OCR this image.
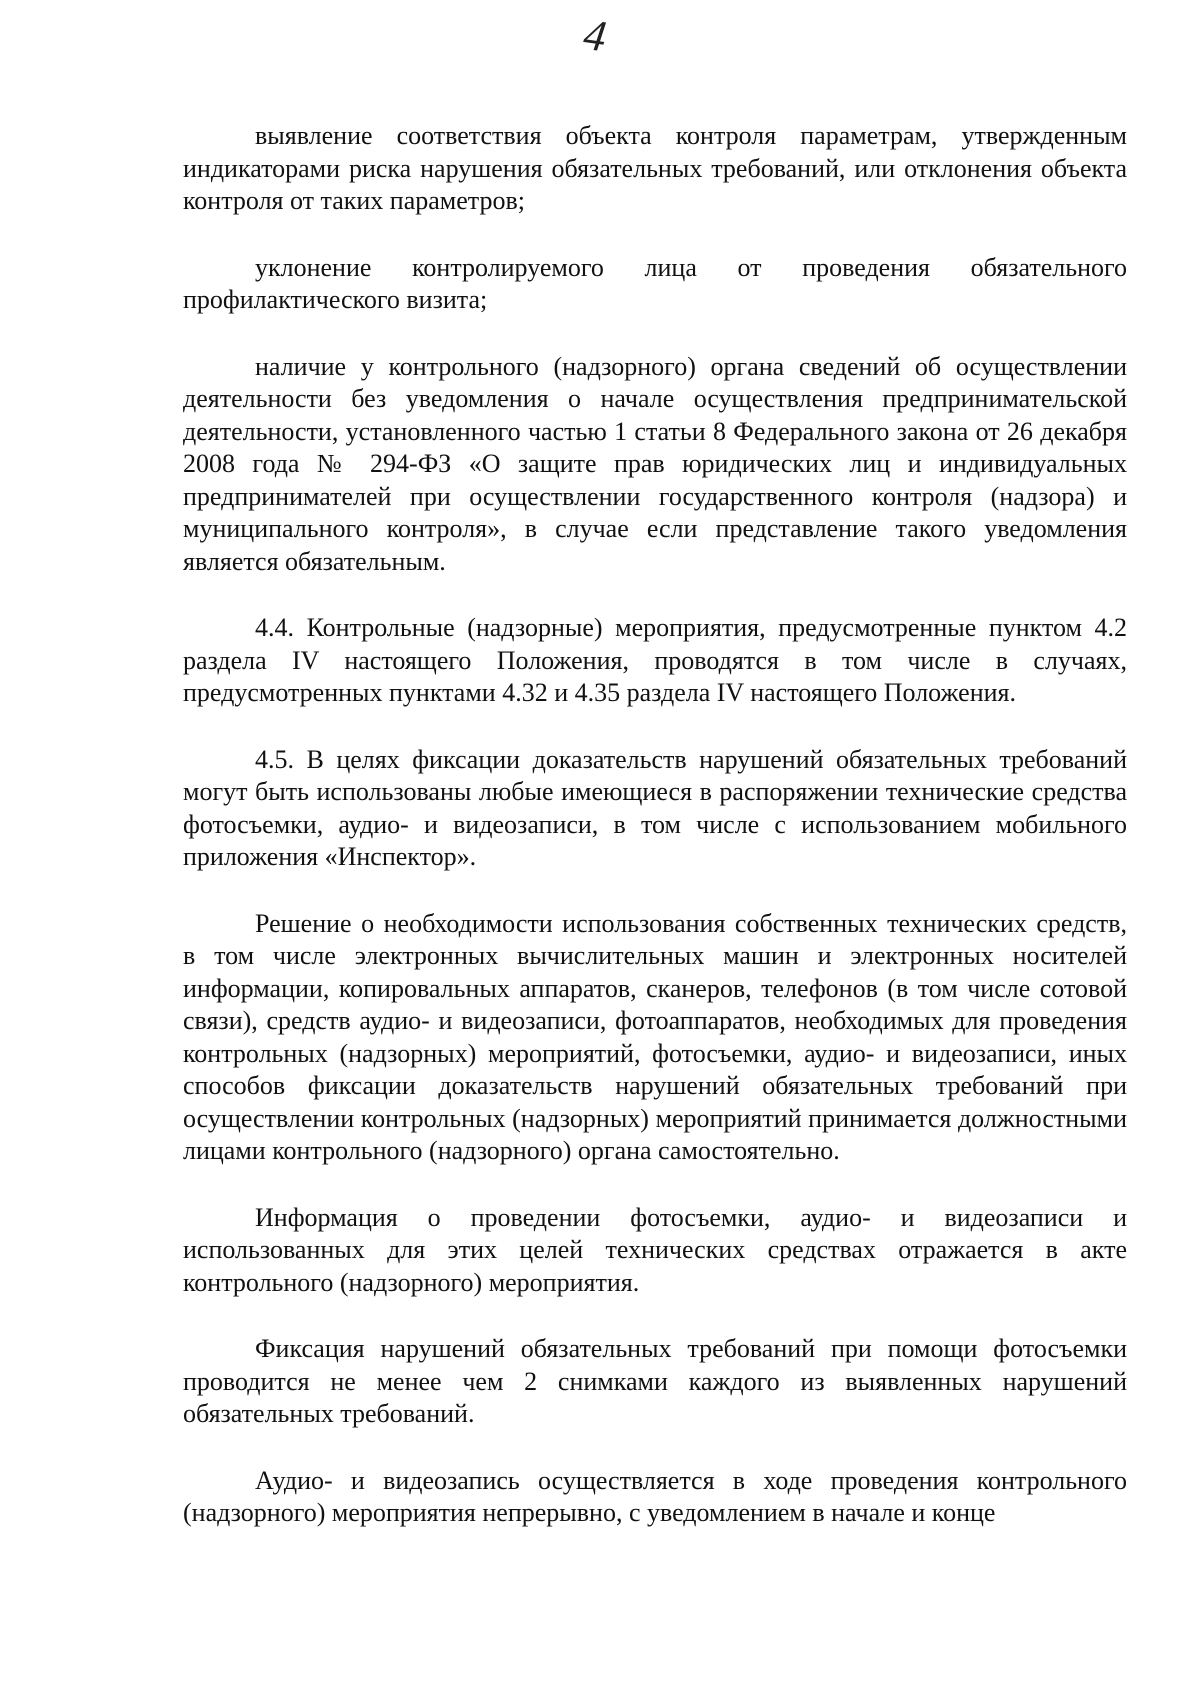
4

выявление соответствия объекта контроля параметрам, утвержденным индикаторами риска нарушения обязательных требований, или отклонения объекта контроля от таких параметров;

уклонение контролируемого лица от проведения обязательного профилактического визита;

наличие у контрольного (надзорного) органа сведений об осуществлении деятельности без уведомления о начале осуществления предпринимательской деятельности, установленного частью 1 статьи 8 Федерального закона от 26 декабря 2008 года № 294-ФЗ «О защите прав юридических лиц и индивидуальных предпринимателей при осуществлении государственного контроля (надзора) и муниципального контроля», в случае если представление такого уведомления является обязательным.

4.4. Контрольные (надзорные) мероприятия, предусмотренные пунктом 4.2 раздела IV настоящего Положения, проводятся в том числе в случаях, предусмотренных пунктами 4.32 и 4.35 раздела IV настоящего Положения.

4.5. В целях фиксации доказательств нарушений обязательных требований могут быть использованы любые имеющиеся в распоряжении технические средства фотосъемки, аудио- и видеозаписи, в том числе с использованием мобильного приложения «Инспектор».

Решение о необходимости использования собственных технических средств, в том числе электронных вычислительных машин и электронных носителей информации, копировальных аппаратов, сканеров, телефонов (в том числе сотовой связи), средств аудио- и видеозаписи, фотоаппаратов, необходимых для проведения контрольных (надзорных) мероприятий, фотосъемки, аудио- и видеозаписи, иных способов фиксации доказательств нарушений обязательных требований при осуществлении контрольных (надзорных) мероприятий принимается должностными лицами контрольного (надзорного) органа самостоятельно.

Информация о проведении фотосъемки, аудио- и видеозаписи и использованных для этих целей технических средствах отражается в акте контрольного (надзорного) мероприятия.

Фиксация нарушений обязательных требований при помощи фотосъемки проводится не менее чем 2 снимками каждого из выявленных нарушений обязательных требований.

Аудио- и видеозапись осуществляется в ходе проведения контрольного (надзорного) мероприятия непрерывно, с уведомлением в начале и конце
